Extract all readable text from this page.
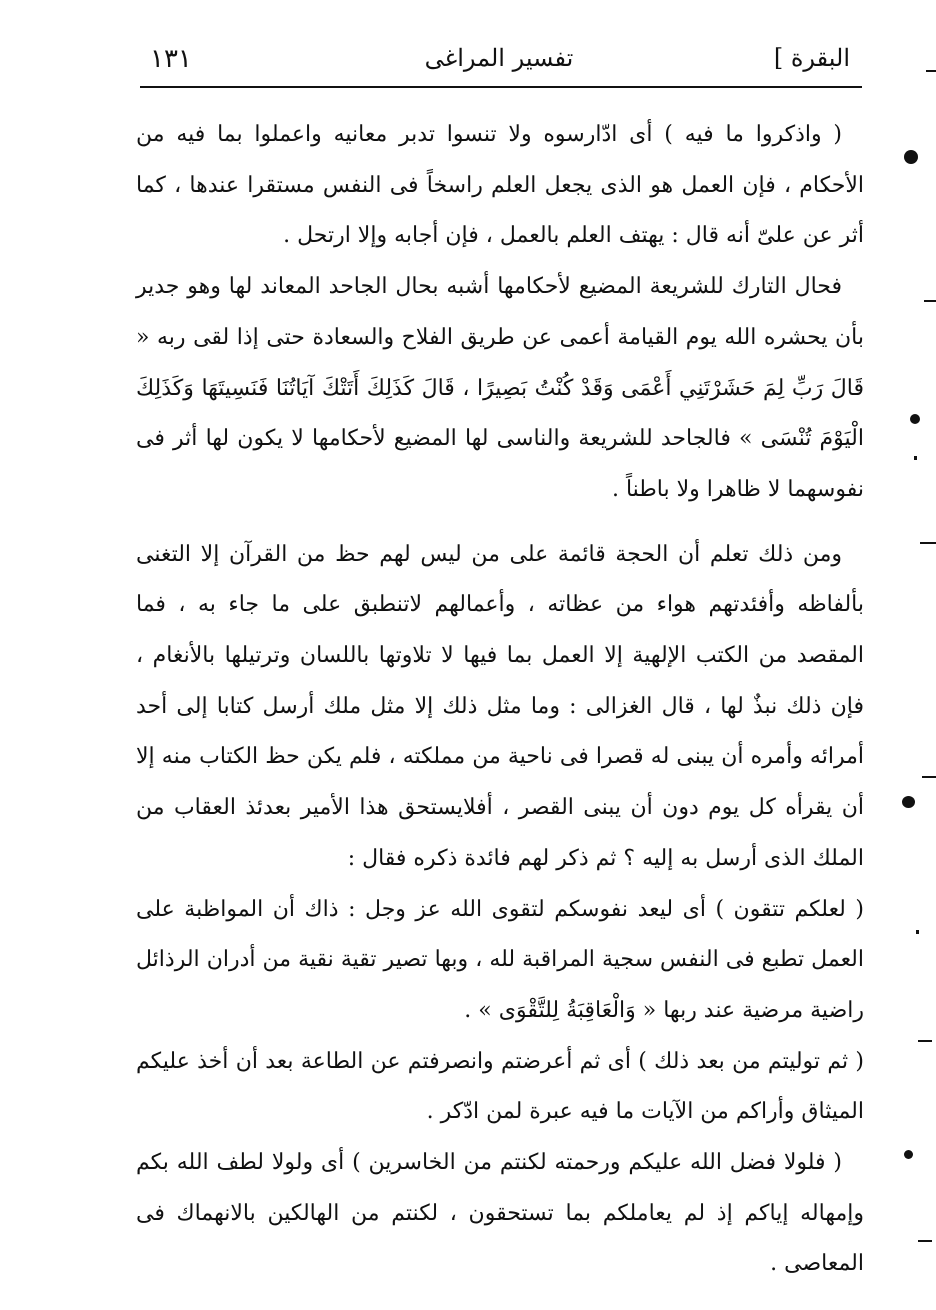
البقرة ]
تفسير المراغى
١٣١

( واذكروا ما فيه ) أى ادّارسوه ولا تنسوا تدبر معانيه واعملوا بما فيه من الأحكام ، فإن العمل هو الذى يجعل العلم راسخاً فى النفس مستقرا عندها ، كما أثر عن علىّ أنه قال : يهتف العلم بالعمل ، فإن أجابه وإلا ارتحل .

فحال التارك للشريعة المضيع لأحكامها أشبه بحال الجاحد المعاند لها وهو جدير بأن يحشره الله يوم القيامة أعمى عن طريق الفلاح والسعادة حتى إذا لقى ربه « قَالَ رَبِّ لِمَ حَشَرْتَنِي أَعْمَى وَقَدْ كُنْتُ بَصِيرًا ، قَالَ كَذَلِكَ أَتَتْكَ آيَاتُنَا فَنَسِيتَهَا وَكَذَلِكَ الْيَوْمَ تُنْسَى » فالجاحد للشريعة والناسى لها المضيع لأحكامها لا يكون لها أثر فى نفوسهما لا ظاهرا ولا باطناً .

ومن ذلك تعلم أن الحجة قائمة على من ليس لهم حظ من القرآن إلا التغنى بألفاظه وأفئدتهم هواء من عظاته ، وأعمالهم لاتنطبق على ما جاء به ، فما المقصد من الكتب الإلهية إلا العمل بما فيها لا تلاوتها باللسان وترتيلها بالأنغام ، فإن ذلك نبذٌ لها ، قال الغزالى : وما مثل ذلك إلا مثل ملك أرسل كتابا إلى أحد أمرائه وأمره أن يبنى له قصرا فى ناحية من مملكته ، فلم يكن حظ الكتاب منه إلا أن يقرأه كل يوم دون أن يبنى القصر ، أفلايستحق هذا الأمير بعدئذ العقاب من الملك الذى أرسل به إليه ؟ ثم ذكر لهم فائدة ذكره فقال :

( لعلكم تتقون ) أى ليعد نفوسكم لتقوى الله عز وجل : ذاك أن المواظبة على العمل تطبع فى النفس سجية المراقبة لله ، وبها تصير تقية نقية من أدران الرذائل راضية مرضية عند ربها « وَالْعَاقِبَةُ لِلتَّقْوَى » .

( ثم توليتم من بعد ذلك ) أى ثم أعرضتم وانصرفتم عن الطاعة بعد أن أخذ عليكم الميثاق وأراكم من الآيات ما فيه عبرة لمن ادّكر .

( فلولا فضل الله عليكم ورحمته لكنتم من الخاسرين ) أى ولولا لطف الله بكم وإمهاله إياكم إذ لم يعاملكم بما تستحقون ، لكنتم من الهالكين بالانهماك فى المعاصى .
